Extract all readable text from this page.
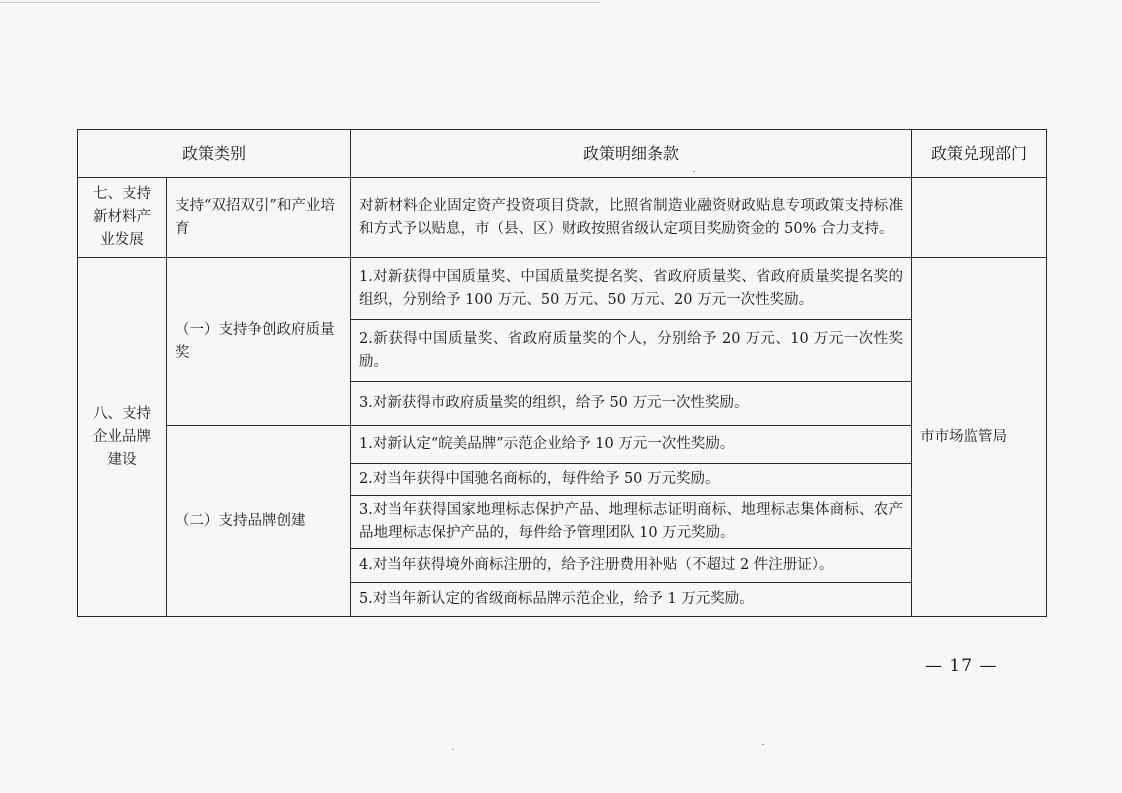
政策类别		政策明细条款	政策兑现部门
七、支持新材料产业发展	支持“双招双引”和产业培育	对新材料企业固定资产投资项目贷款，比照省制造业融资财政贴息专项政策支持标准和方式予以贴息，市（县、区）财政按照省级认定项目奖励资金的 50% 合力支持。	
八、支持企业品牌建设	（一）支持争创政府质量奖	1.对新获得中国质量奖、中国质量奖提名奖、省政府质量奖、省政府质量奖提名奖的组织，分别给予 100 万元、50 万元、50 万元、20 万元一次性奖励。	市市场监管局
		2.新获得中国质量奖、省政府质量奖的个人，分别给予 20 万元、10 万元一次性奖励。	
		3.对新获得市政府质量奖的组织，给予 50 万元一次性奖励。	
	（二）支持品牌创建	1.对新认定“皖美品牌”示范企业给予 10 万元一次性奖励。	
		2.对当年获得中国驰名商标的，每件给予 50 万元奖励。	
		3.对当年获得国家地理标志保护产品、地理标志证明商标、地理标志集体商标、农产品地理标志保护产品的，每件给予管理团队 10 万元奖励。	
		4.对当年获得境外商标注册的，给予注册费用补贴（不超过 2 件注册证）。	
		5.对当年新认定的省级商标品牌示范企业，给予 1 万元奖励。	
— 17 —
